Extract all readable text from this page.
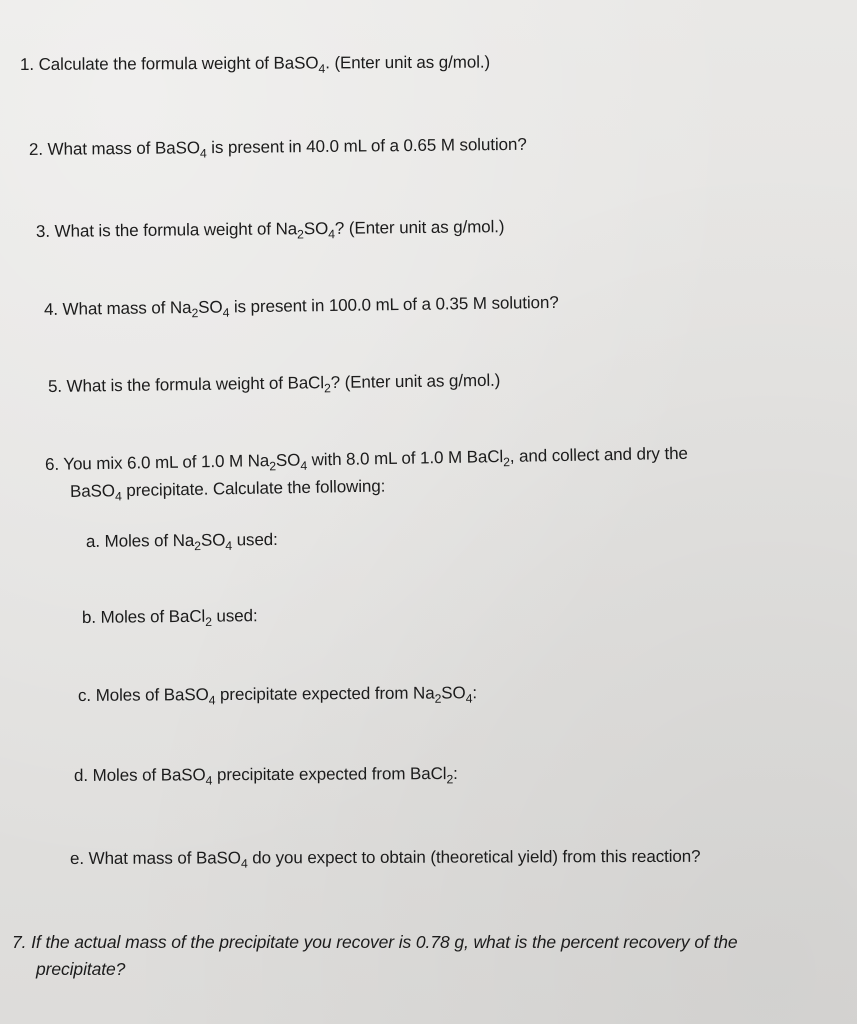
1. Calculate the formula weight of BaSO$_4$. (Enter unit as g/mol.)
2. What mass of BaSO$_4$ is present in 40.0 mL of a 0.65 M solution?
3. What is the formula weight of $Na_2SO_4$? (Enter unit as g/mol.)
4. What mass of $Na_2SO_4$ is present in 100.0 mL of a 0.35 M solution?
5. What is the formula weight of BaCl$_2$? (Enter unit as g/mol.)
6. You mix 6.0 mL of 1.0 M $Na_2SO_4$ with 8.0 mL of 1.0 M BaCl$_2$, and collect and dry the
BaSO$_4$ precipitate. Calculate the following:
a. Moles of $Na_2SO_4$ used:
b. Moles of BaCl$_2$ used:
c. Moles of BaSO$_4$ precipitate expected from $Na_2SO_4$:
d. Moles of BaSO$_4$ precipitate expected from BaCl$_2$:
e. What mass of BaSO$_4$ do you expect to obtain (theoretical yield) from this reaction?
7. If the actual mass of the precipitate you recover is 0.78 g, what is the percent recovery of the
precipitate?
